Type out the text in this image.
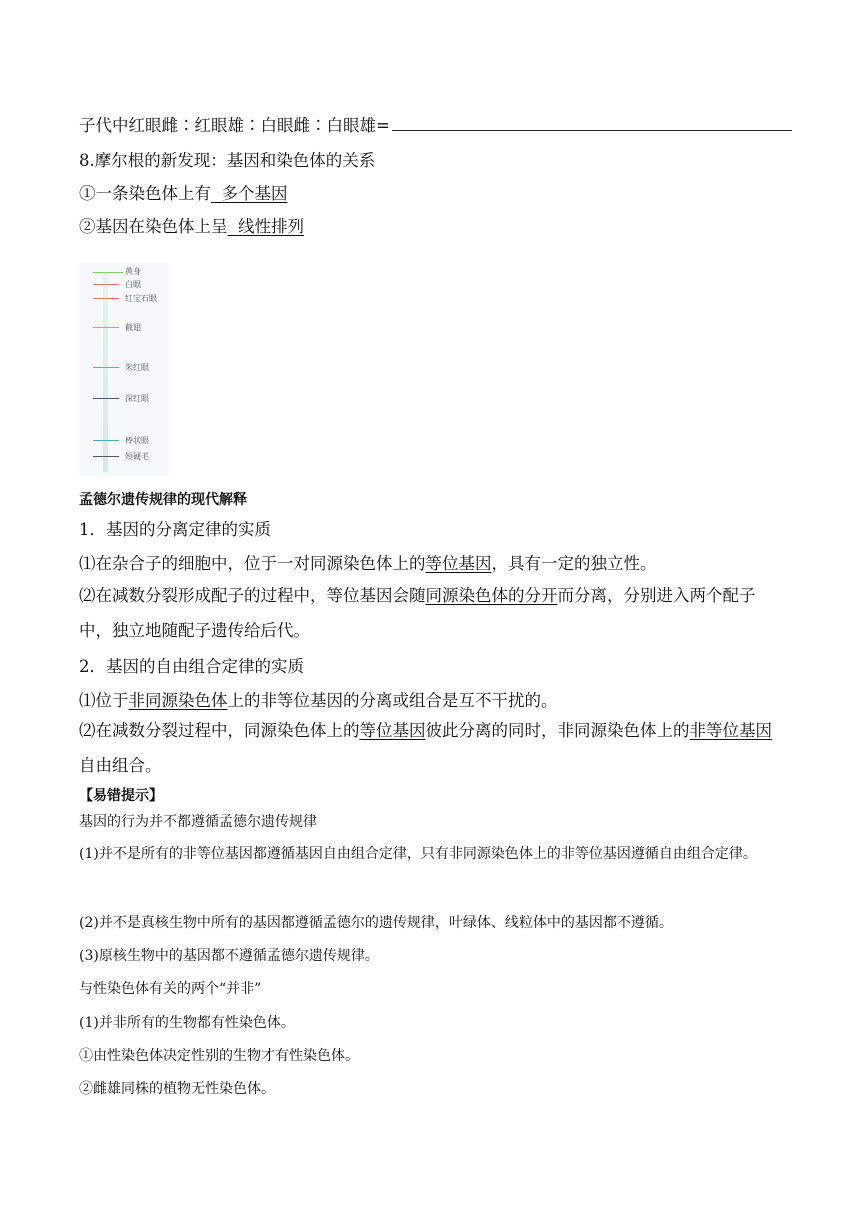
子代中红眼雌∶红眼雄∶白眼雌∶白眼雄=
8.摩尔根的新发现：基因和染色体的关系
①一条染色体上有  多个基因
②基因在染色体上呈  线性排列
黄身
白眼
红宝石眼
截翅
朱红眼
深红眼
棒状眼
短硬毛
孟德尔遗传规律的现代解释
1．基因的分离定律的实质
⑴在杂合子的细胞中，位于一对同源染色体上的等位基因，具有一定的独立性。
⑵在减数分裂形成配子的过程中，等位基因会随同源染色体的分开而分离，分别进入两个配子中，独立地随配子遗传给后代。
2．基因的自由组合定律的实质
⑴位于非同源染色体上的非等位基因的分离或组合是互不干扰的。
⑵在减数分裂过程中，同源染色体上的等位基因彼此分离的同时，非同源染色体上的非等位基因自由组合。
【易错提示】
基因的行为并不都遵循孟德尔遗传规律
(1)并不是所有的非等位基因都遵循基因自由组合定律，只有非同源染色体上的非等位基因遵循自由组合定律。
(2)并不是真核生物中所有的基因都遵循孟德尔的遗传规律，叶绿体、线粒体中的基因都不遵循。
(3)原核生物中的基因都不遵循孟德尔遗传规律。
与性染色体有关的两个“并非”
(1)并非所有的生物都有性染色体。
①由性染色体决定性别的生物才有性染色体。
②雌雄同株的植物无性染色体。
